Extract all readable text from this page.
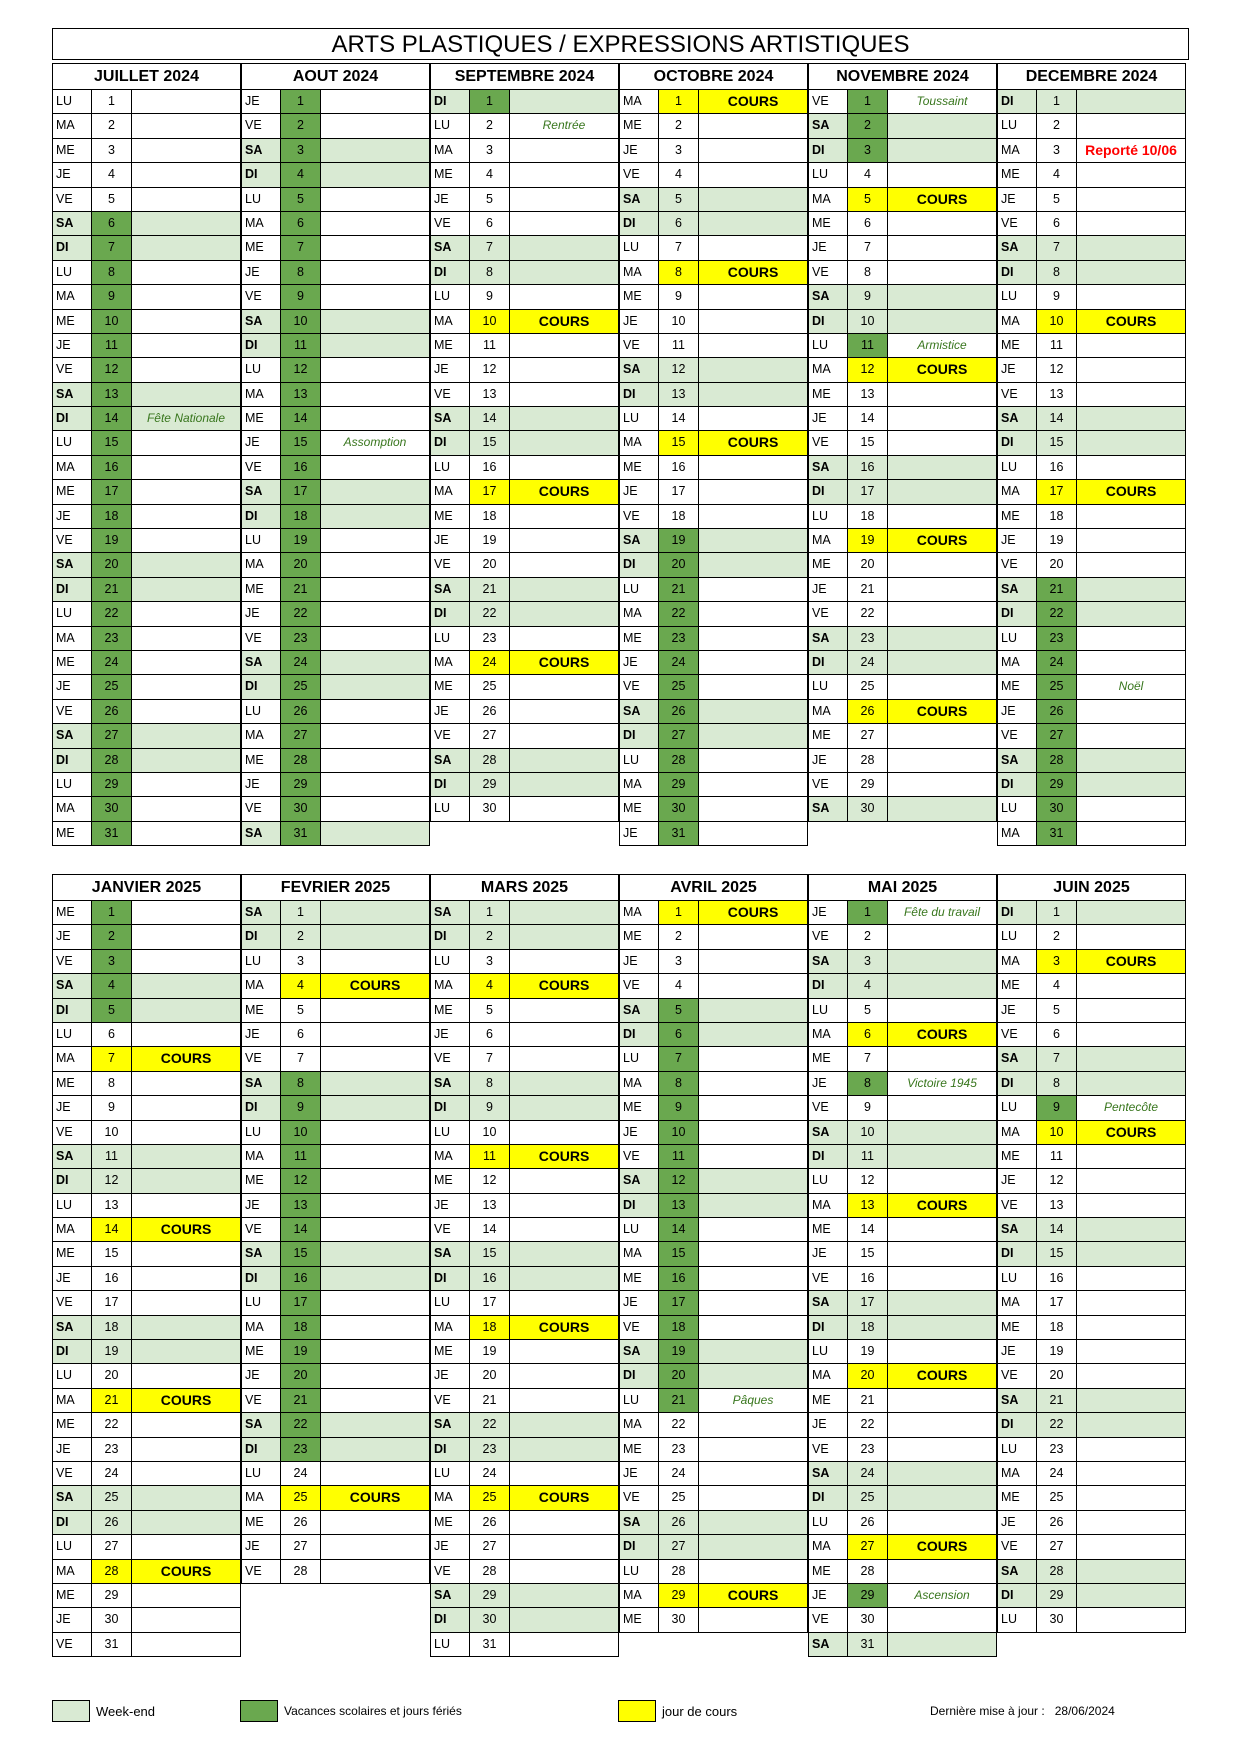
ARTS PLASTIQUES / EXPRESSIONS ARTISTIQUES
JUILLET 2024
LU	1
MA	2
ME	3
JE	4
VE	5
SA	6
DI	7
LU	8
MA	9
ME	10
JE	11
VE	12
SA	13
DI	14	Fête Nationale
LU	15
MA	16
ME	17
JE	18
VE	19
SA	20
DI	21
LU	22
MA	23
ME	24
JE	25
VE	26
SA	27
DI	28
LU	29
MA	30
ME	31
AOUT 2024
JE	1
VE	2
SA	3
DI	4
LU	5
MA	6
ME	7
JE	8
VE	9
SA	10
DI	11
LU	12
MA	13
ME	14
JE	15	Assomption
VE	16
SA	17
DI	18
LU	19
MA	20
ME	21
JE	22
VE	23
SA	24
DI	25
LU	26
MA	27
ME	28
JE	29
VE	30
SA	31
SEPTEMBRE 2024
DI	1
LU	2	Rentrée
MA	3
ME	4
JE	5
VE	6
SA	7
DI	8
LU	9
MA	10	COURS
ME	11
JE	12
VE	13
SA	14
DI	15
LU	16
MA	17	COURS
ME	18
JE	19
VE	20
SA	21
DI	22
LU	23
MA	24	COURS
ME	25
JE	26
VE	27
SA	28
DI	29
LU	30
OCTOBRE 2024
MA	1	COURS
ME	2
JE	3
VE	4
SA	5
DI	6
LU	7
MA	8	COURS
ME	9
JE	10
VE	11
SA	12
DI	13
LU	14
MA	15	COURS
ME	16
JE	17
VE	18
SA	19
DI	20
LU	21
MA	22
ME	23
JE	24
VE	25
SA	26
DI	27
LU	28
MA	29
ME	30
JE	31
NOVEMBRE 2024
VE	1	Toussaint
SA	2
DI	3
LU	4
MA	5	COURS
ME	6
JE	7
VE	8
SA	9
DI	10
LU	11	Armistice
MA	12	COURS
ME	13
JE	14
VE	15
SA	16
DI	17
LU	18
MA	19	COURS
ME	20
JE	21
VE	22
SA	23
DI	24
LU	25
MA	26	COURS
ME	27
JE	28
VE	29
SA	30
DECEMBRE 2024
DI	1
LU	2
MA	3	Reporté 10/06
ME	4
JE	5
VE	6
SA	7
DI	8
LU	9
MA	10	COURS
ME	11
JE	12
VE	13
SA	14
DI	15
LU	16
MA	17	COURS
ME	18
JE	19
VE	20
SA	21
DI	22
LU	23
MA	24
ME	25	Noël
JE	26
VE	27
SA	28
DI	29
LU	30
MA	31
JANVIER 2025
ME	1
JE	2
VE	3
SA	4
DI	5
LU	6
MA	7	COURS
ME	8
JE	9
VE	10
SA	11
DI	12
LU	13
MA	14	COURS
ME	15
JE	16
VE	17
SA	18
DI	19
LU	20
MA	21	COURS
ME	22
JE	23
VE	24
SA	25
DI	26
LU	27
MA	28	COURS
ME	29
JE	30
VE	31
FEVRIER 2025
SA	1
DI	2
LU	3
MA	4	COURS
ME	5
JE	6
VE	7
SA	8
DI	9
LU	10
MA	11
ME	12
JE	13
VE	14
SA	15
DI	16
LU	17
MA	18
ME	19
JE	20
VE	21
SA	22
DI	23
LU	24
MA	25	COURS
ME	26
JE	27
VE	28
MARS 2025
SA	1
DI	2
LU	3
MA	4	COURS
ME	5
JE	6
VE	7
SA	8
DI	9
LU	10
MA	11	COURS
ME	12
JE	13
VE	14
SA	15
DI	16
LU	17
MA	18	COURS
ME	19
JE	20
VE	21
SA	22
DI	23
LU	24
MA	25	COURS
ME	26
JE	27
VE	28
SA	29
DI	30
LU	31
AVRIL 2025
MA	1	COURS
ME	2
JE	3
VE	4
SA	5
DI	6
LU	7
MA	8
ME	9
JE	10
VE	11
SA	12
DI	13
LU	14
MA	15
ME	16
JE	17
VE	18
SA	19
DI	20
LU	21	Pâques
MA	22
ME	23
JE	24
VE	25
SA	26
DI	27
LU	28
MA	29	COURS
ME	30
MAI 2025
JE	1	Fête du travail
VE	2
SA	3
DI	4
LU	5
MA	6	COURS
ME	7
JE	8	Victoire 1945
VE	9
SA	10
DI	11
LU	12
MA	13	COURS
ME	14
JE	15
VE	16
SA	17
DI	18
LU	19
MA	20	COURS
ME	21
JE	22
VE	23
SA	24
DI	25
LU	26
MA	27	COURS
ME	28
JE	29	Ascension
VE	30
SA	31
JUIN 2025
DI	1
LU	2
MA	3	COURS
ME	4
JE	5
VE	6
SA	7
DI	8
LU	9	Pentecôte
MA	10	COURS
ME	11
JE	12
VE	13
SA	14
DI	15
LU	16
MA	17
ME	18
JE	19
VE	20
SA	21
DI	22
LU	23
MA	24
ME	25
JE	26
VE	27
SA	28
DI	29
LU	30
Week-end	Vacances scolaires et jours fériés	jour de cours	Dernière mise à jour : 28/06/2024
